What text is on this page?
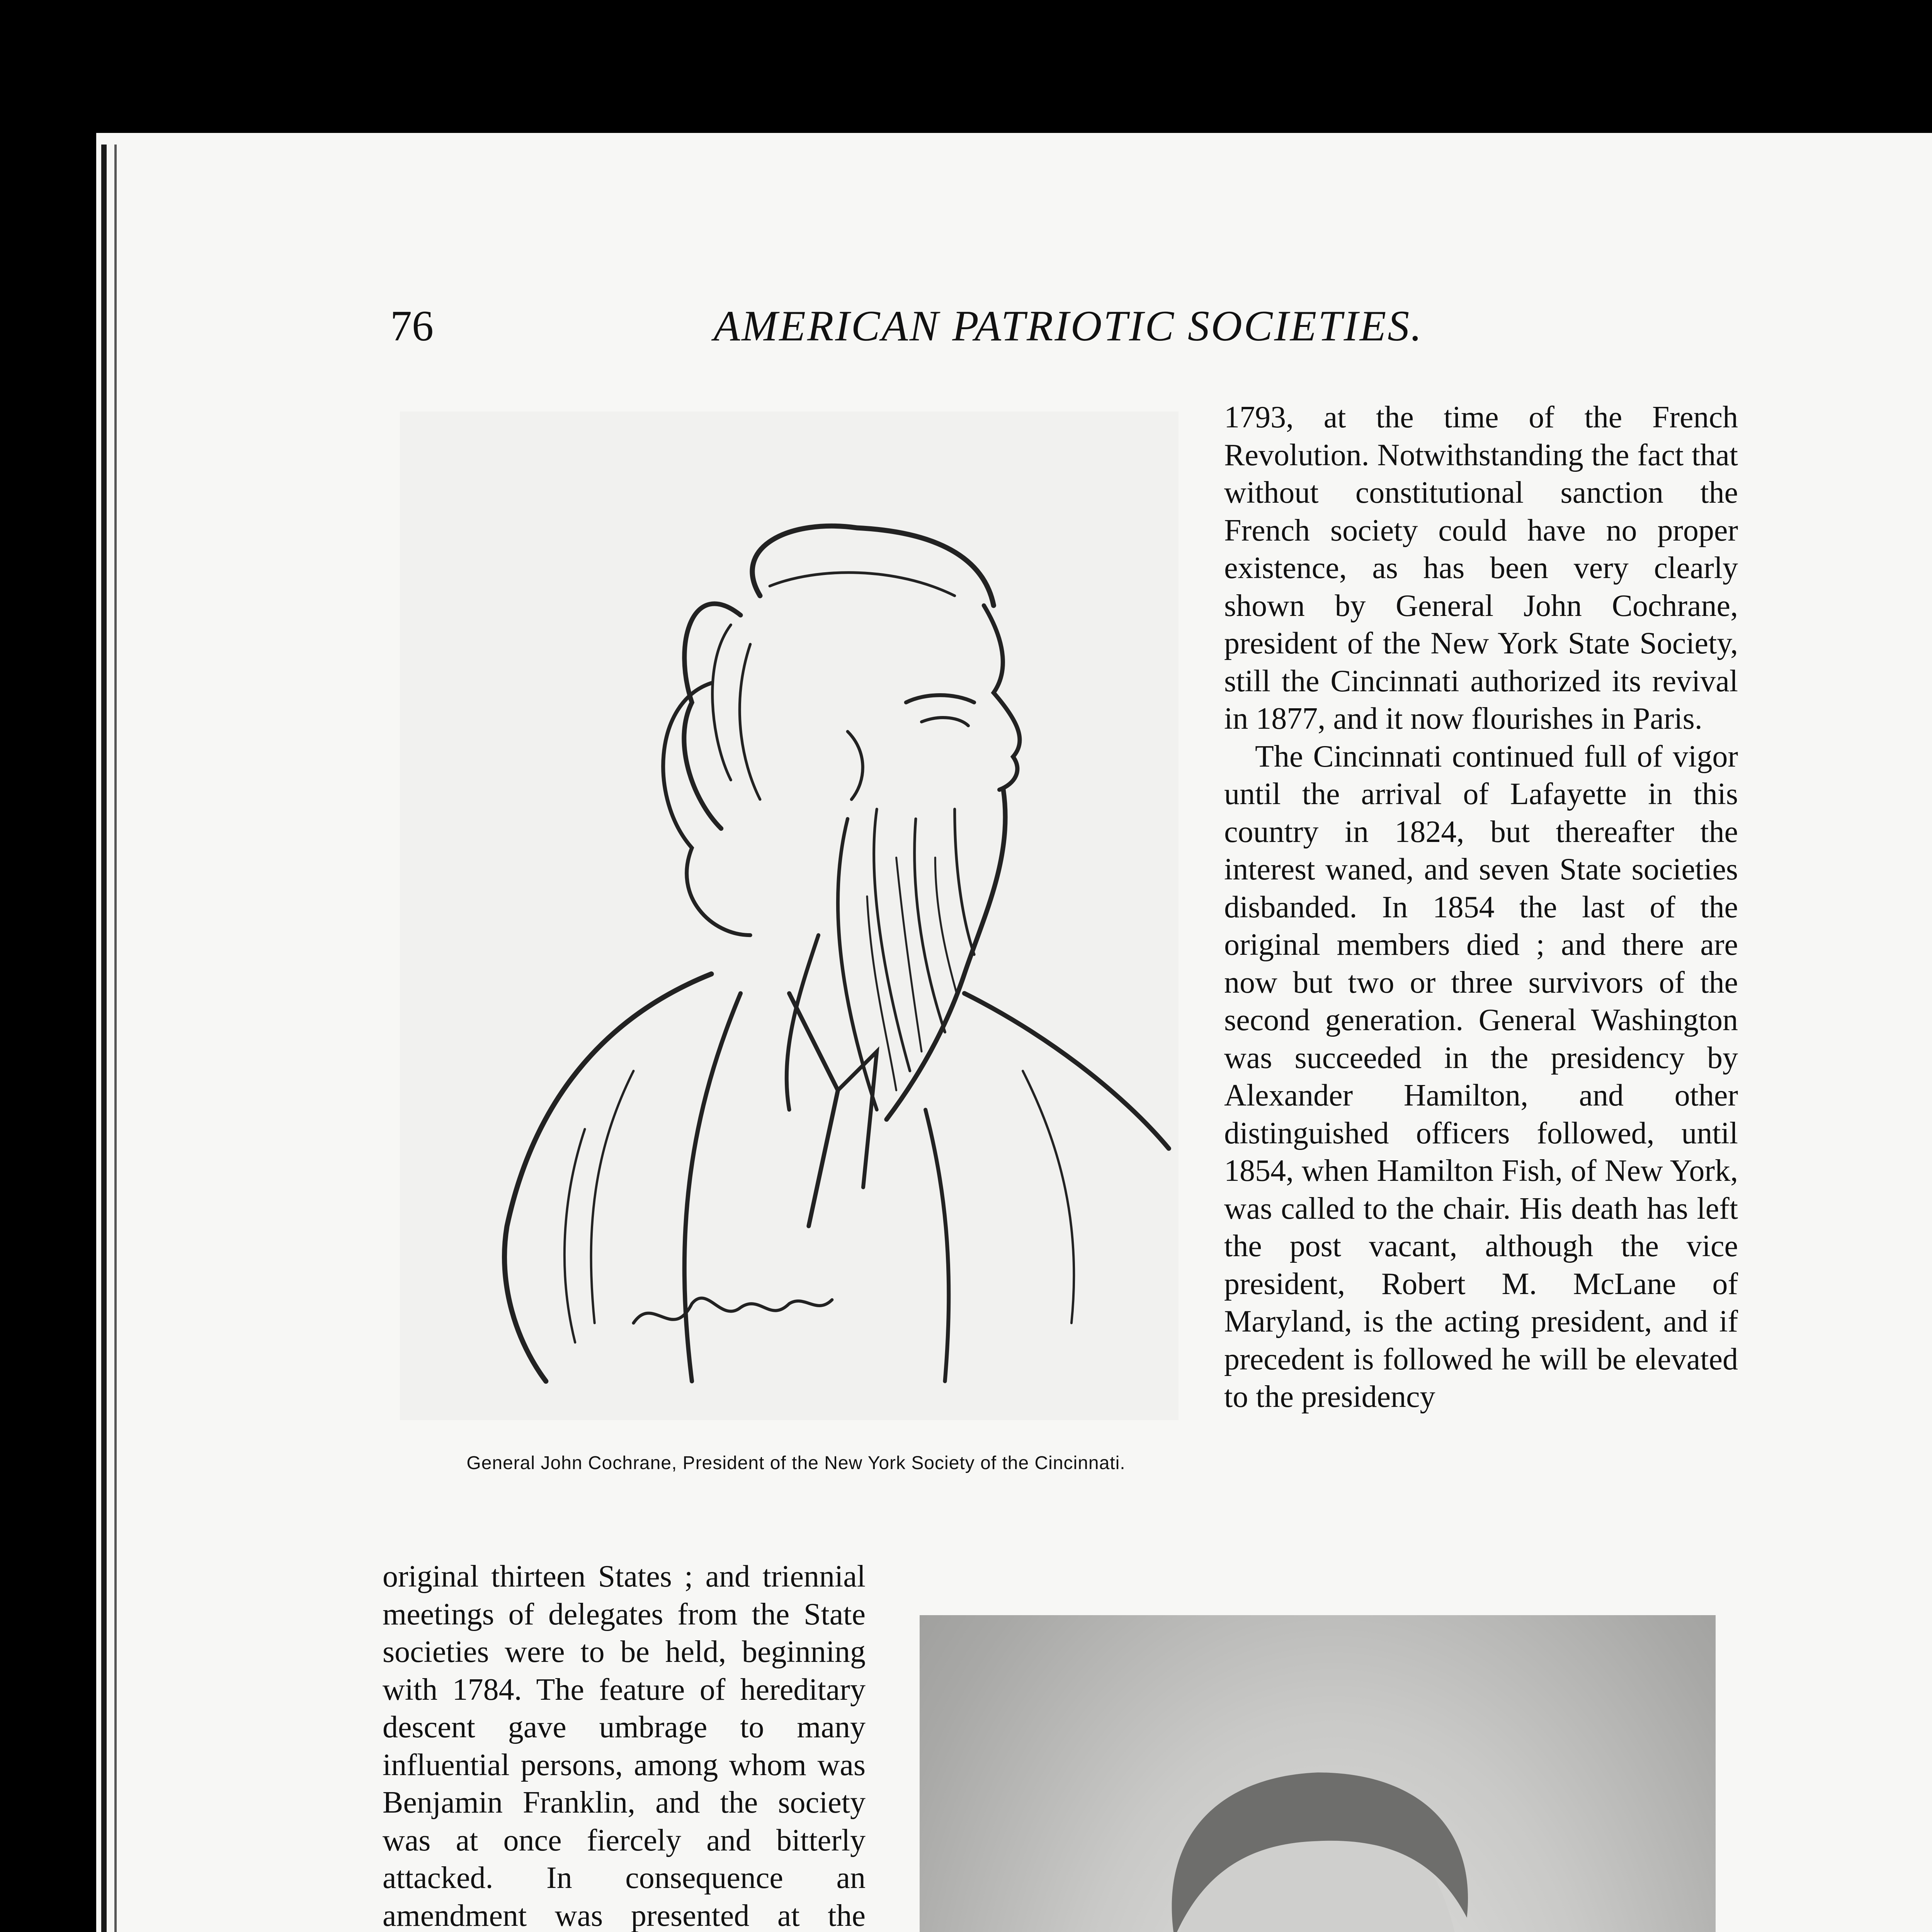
76	AMERICAN PATRIOTIC SOCIETIES.
General John Cochrane, President of the New York Society of the Cincinnati.

1793, at the time of the French Revolution. Notwithstanding the fact that without constitutional sanction the French society could have no proper existence, as has been very clearly shown by General John Cochrane, president of the New York State Society, still the Cincinnati authorized its revival in 1877, and it now flourishes in Paris.

The Cincinnati continued full of vigor until the arrival of Lafayette in this country in 1824, but thereafter the interest waned, and seven State societies disbanded. In 1854 the last of the original members died ; and there are now but two or three survivors of the second generation. General Washington was succeeded in the presidency by Alexander Hamilton, and other distinguished officers followed, until 1854, when Hamilton Fish, of New York, was called to the chair. His death has left the post vacant, although the vice president, Robert M. McLane of Maryland, is the acting president, and if precedent is followed he will be elevated to the presidency

original thirteen States ; and triennial meetings of delegates from the State societies were to be held, beginning with 1784. The feature of hereditary descent gave umbrage to many influential persons, among whom was Benjamin Franklin, and the society was at once fiercely and bitterly attacked. In consequence an amendment was presented at the
